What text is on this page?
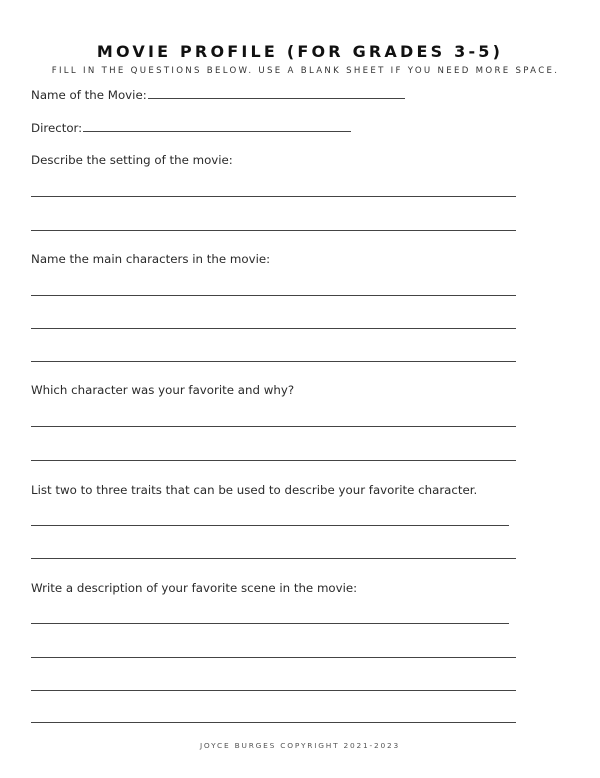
MOVIE PROFILE (FOR GRADES 3-5)

FILL IN THE QUESTIONS BELOW. USE A BLANK SHEET IF YOU NEED MORE SPACE.

Name of the Movie:
Director:
Describe the setting of the movie:
Name the main characters in the movie:
Which character was your favorite and why?
List two to three traits that can be used to describe your favorite character.
Write a description of your favorite scene in the movie:

JOYCE BURGES COPYRIGHT 2021-2023
